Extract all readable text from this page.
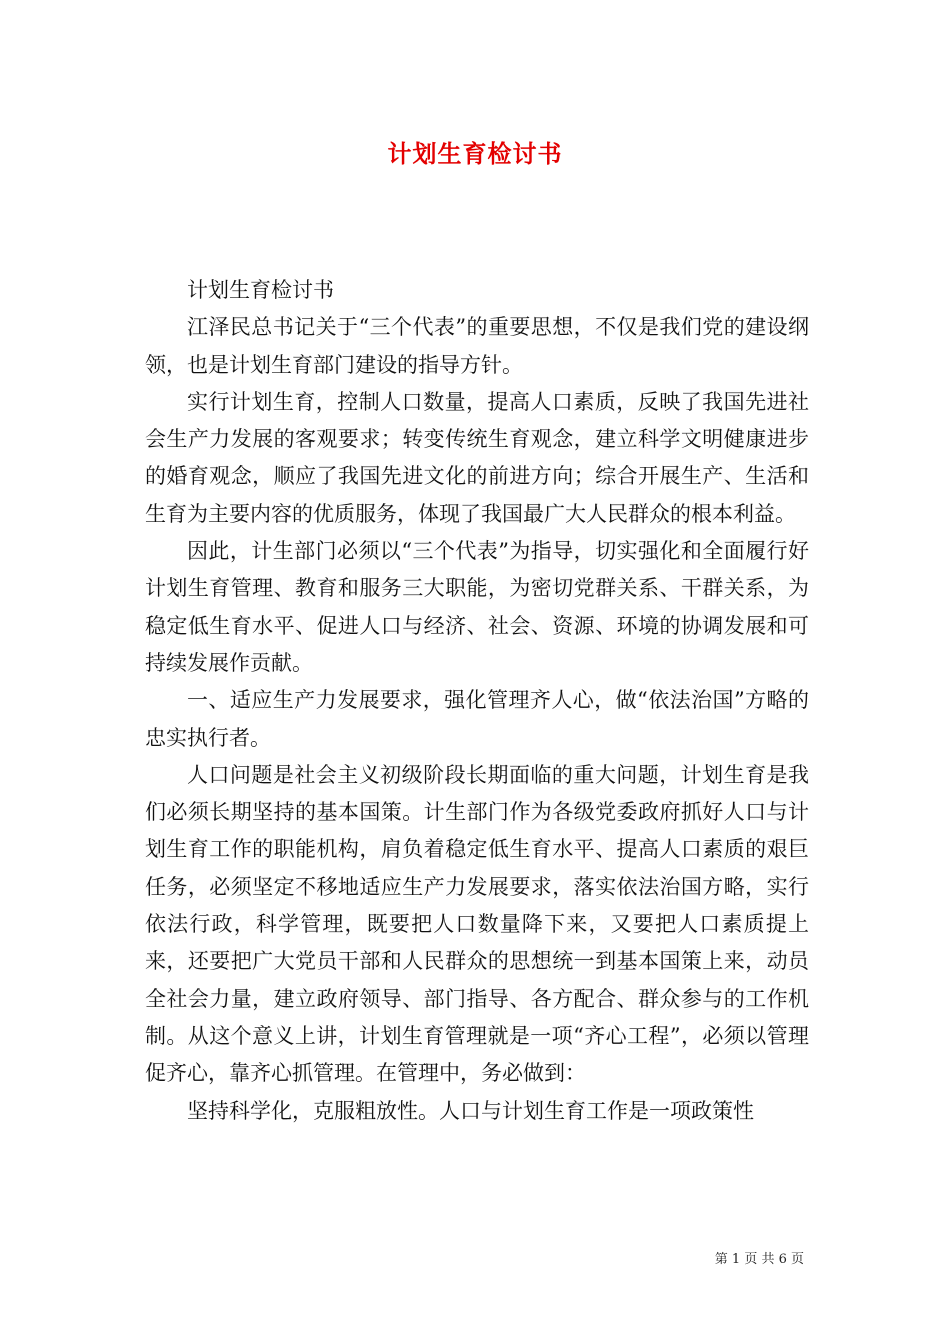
计划生育检讨书

计划生育检讨书

江泽民总书记关于“三个代表”的重要思想，不仅是我们党的建设纲领，也是计划生育部门建设的指导方针。

实行计划生育，控制人口数量，提高人口素质，反映了我国先进社会生产力发展的客观要求；转变传统生育观念，建立科学文明健康进步的婚育观念，顺应了我国先进文化的前进方向；综合开展生产、生活和生育为主要内容的优质服务，体现了我国最广大人民群众的根本利益。

因此，计生部门必须以“三个代表”为指导，切实强化和全面履行好计划生育管理、教育和服务三大职能，为密切党群关系、干群关系，为稳定低生育水平、促进人口与经济、社会、资源、环境的协调发展和可持续发展作贡献。

一、适应生产力发展要求，强化管理齐人心，做“依法治国”方略的忠实执行者。

人口问题是社会主义初级阶段长期面临的重大问题，计划生育是我们必须长期坚持的基本国策。计生部门作为各级党委政府抓好人口与计划生育工作的职能机构，肩负着稳定低生育水平、提高人口素质的艰巨任务，必须坚定不移地适应生产力发展要求，落实依法治国方略，实行依法行政，科学管理，既要把人口数量降下来，又要把人口素质提上来，还要把广大党员干部和人民群众的思想统一到基本国策上来，动员全社会力量，建立政府领导、部门指导、各方配合、群众参与的工作机制。从这个意义上讲，计划生育管理就是一项“齐心工程”，必须以管理促齐心，靠齐心抓管理。在管理中，务必做到：

坚持科学化，克服粗放性。人口与计划生育工作是一项政策性

第 1 页 共 6 页
